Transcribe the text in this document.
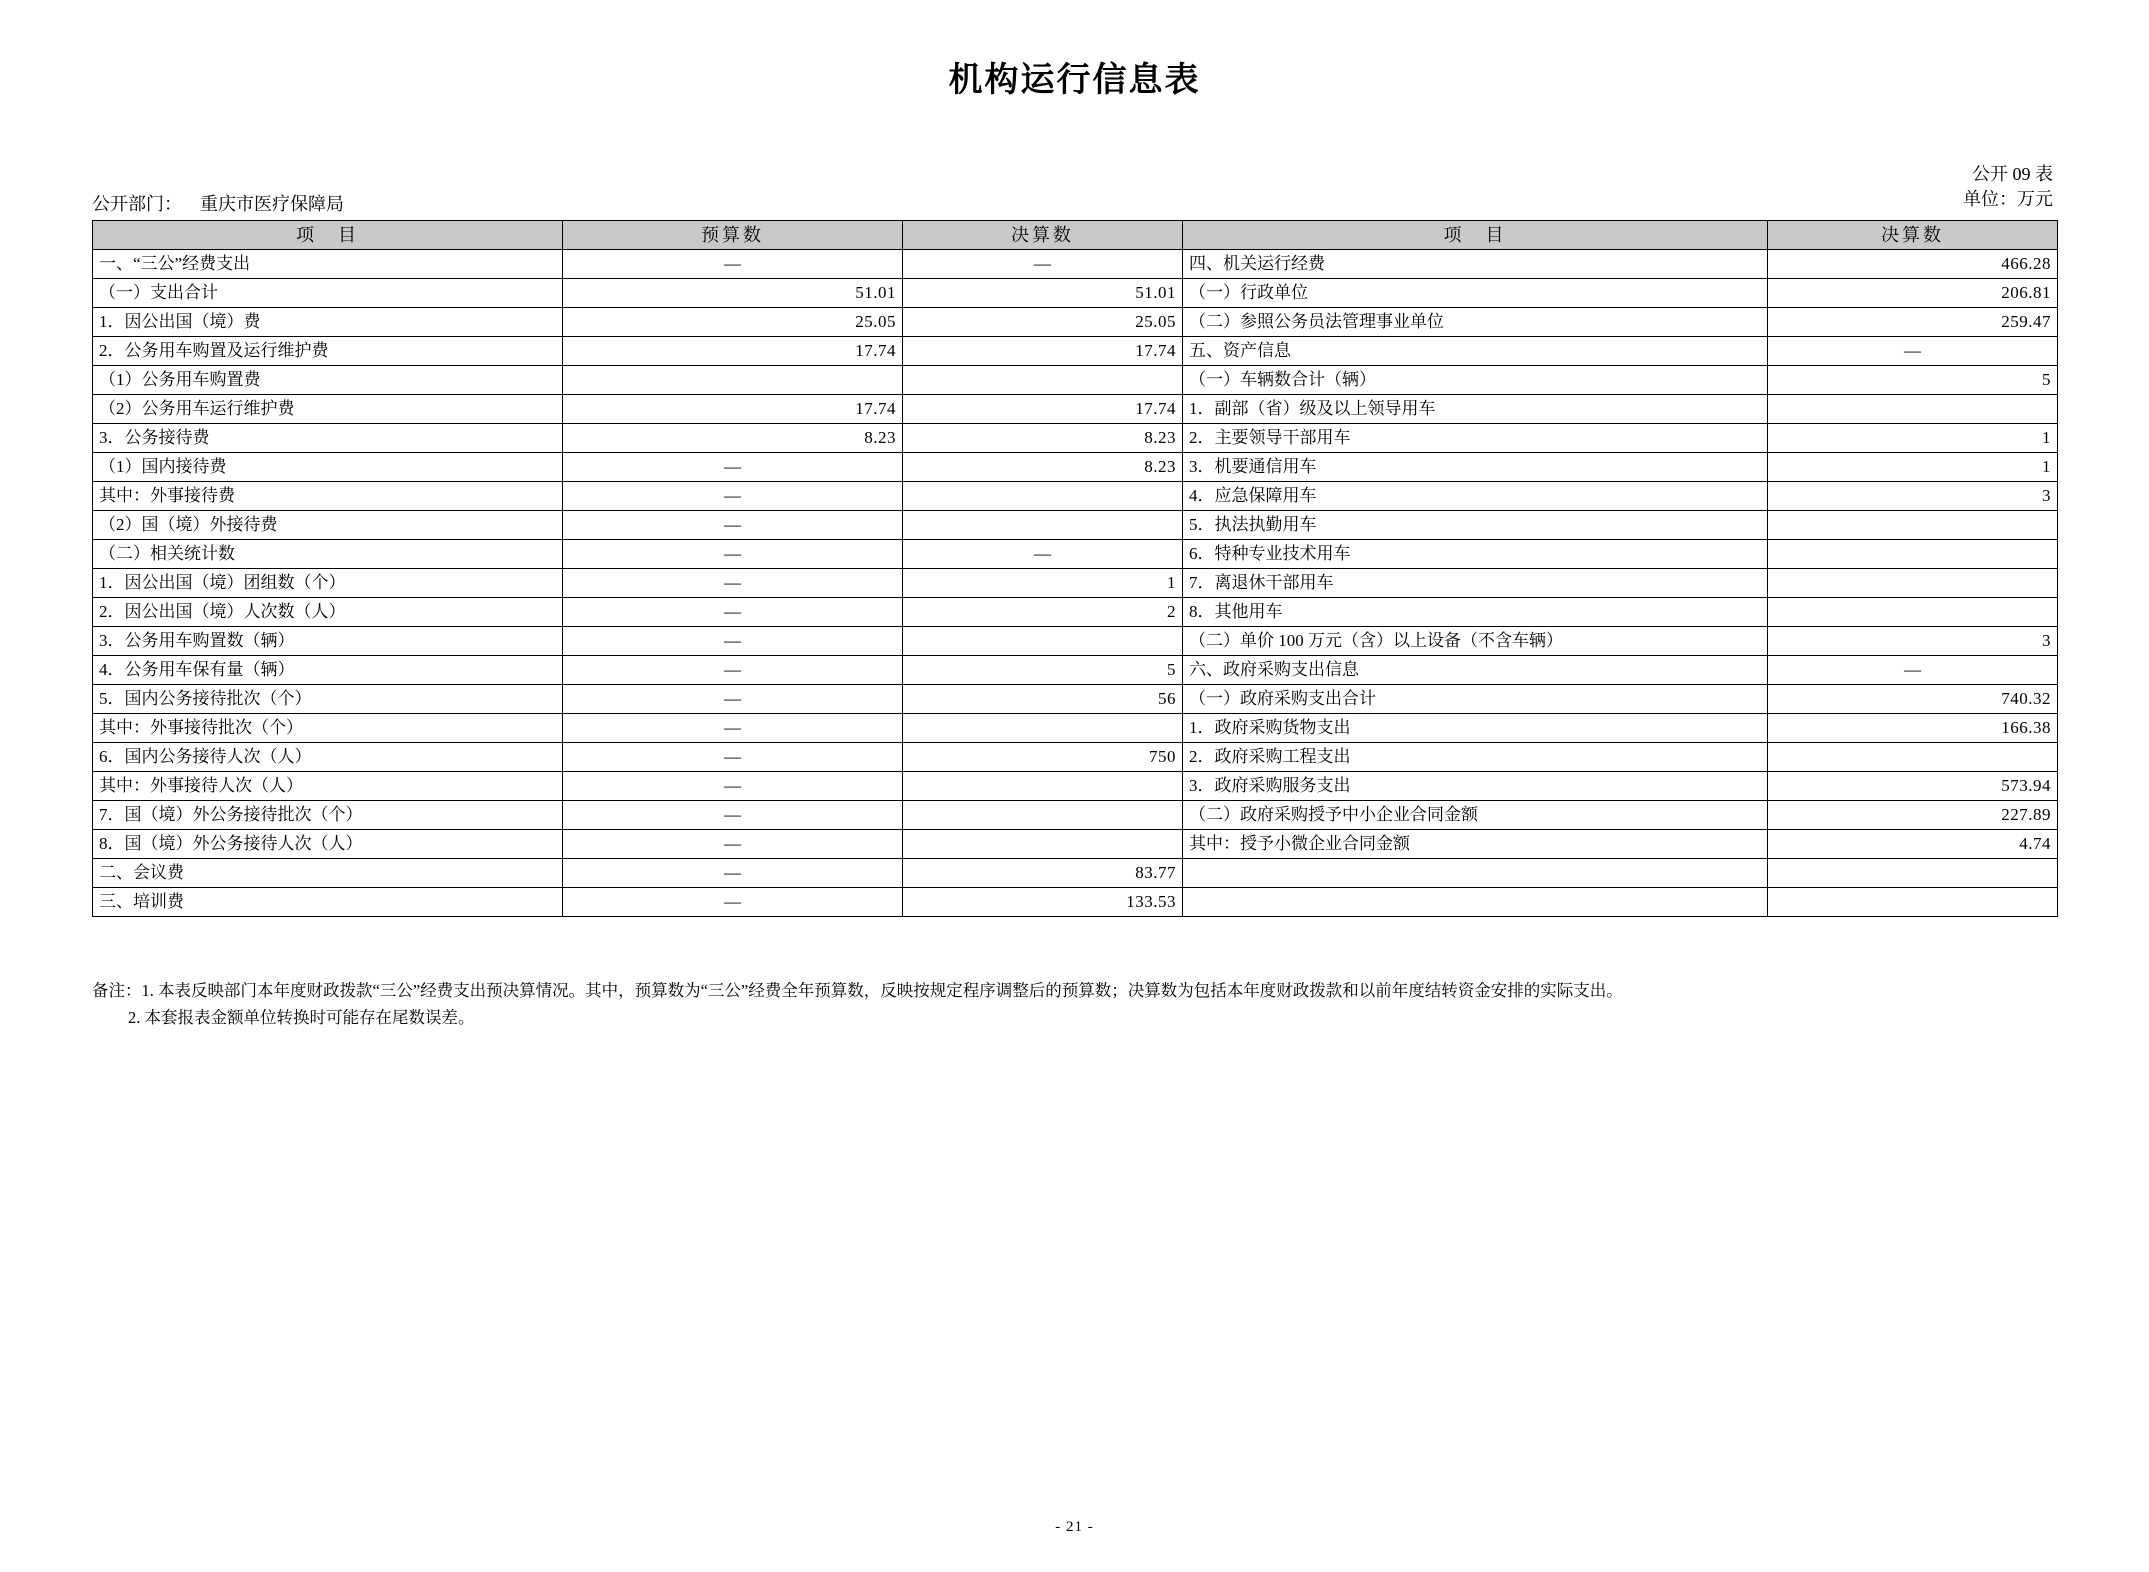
机构运行信息表
公开 09 表
单位：万元
公开部门： 重庆市医疗保障局
项　目	预算数	决算数	项　目	决算数
一、“三公”经费支出	—	—	四、机关运行经费	466.28
（一）支出合计	51.01	51.01	（一）行政单位	206.81
1．因公出国（境）费	25.05	25.05	（二）参照公务员法管理事业单位	259.47
2．公务用车购置及运行维护费	17.74	17.74	五、资产信息	—
（1）公务用车购置费			（一）车辆数合计（辆）	5
（2）公务用车运行维护费	17.74	17.74	1．副部（省）级及以上领导用车	
3．公务接待费	8.23	8.23	2．主要领导干部用车	1
（1）国内接待费	—	8.23	3．机要通信用车	1
其中：外事接待费	—		4．应急保障用车	3
（2）国（境）外接待费	—		5．执法执勤用车	
（二）相关统计数	—	—	6．特种专业技术用车	
1．因公出国（境）团组数（个）	—	1	7．离退休干部用车	
2．因公出国（境）人次数（人）	—	2	8．其他用车	
3．公务用车购置数（辆）	—		（二）单价 100 万元（含）以上设备（不含车辆）	3
4．公务用车保有量（辆）	—	5	六、政府采购支出信息	—
5．国内公务接待批次（个）	—	56	（一）政府采购支出合计	740.32
其中：外事接待批次（个）	—		1．政府采购货物支出	166.38
6．国内公务接待人次（人）	—	750	2．政府采购工程支出	
其中：外事接待人次（人）	—		3．政府采购服务支出	573.94
7．国（境）外公务接待批次（个）	—		（二）政府采购授予中小企业合同金额	227.89
8．国（境）外公务接待人次（人）	—		其中：授予小微企业合同金额	4.74
二、会议费	—	83.77		
三、培训费	—	133.53		
备注：1. 本表反映部门本年度财政拨款“三公”经费支出预决算情况。其中，预算数为“三公”经费全年预算数，反映按规定程序调整后的预算数；决算数为包括本年度财政拨款和以前年度结转资金安排的实际支出。
2. 本套报表金额单位转换时可能存在尾数误差。
- 21 -
